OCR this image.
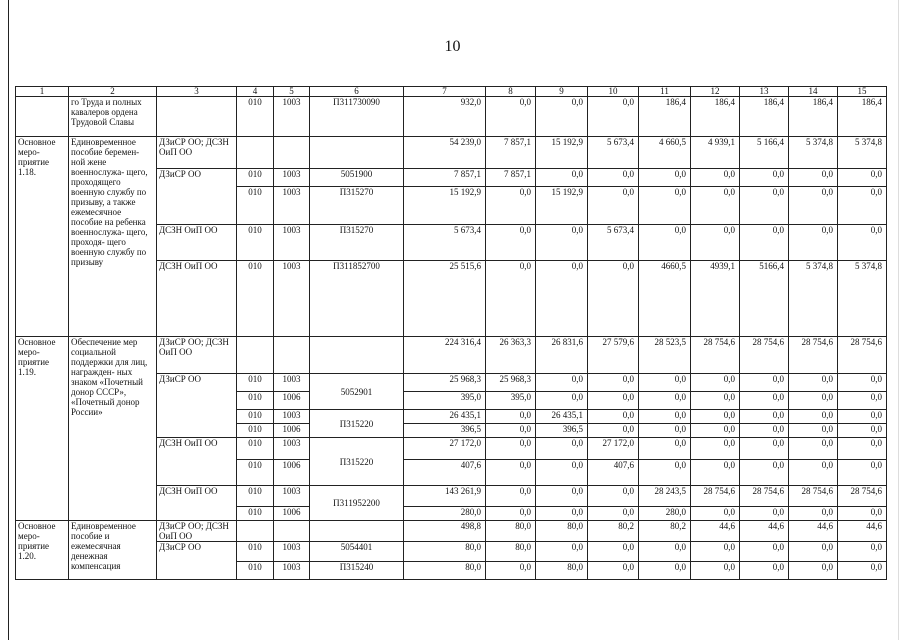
10
1	2	3	4	5	6	7	8	9	10	11	12	13	14	15
	го Труда и полных кавалеров ордена Трудовой Славы		010	1003	П311730090	932,0	0,0	0,0	0,0	186,4	186,4	186,4	186,4	186,4
Основное меро- приятие 1.18.	Единовременное пособие беремен- ной жене военнослужа- щего, проходящего военную службу по призыву, а также ежемесячное пособие на ребенка военнослужа- щего, проходя- щего военную службу по призыву	ДЗиСР ОО; ДСЗН ОиП ОО				54 239,0	7 857,1	15 192,9	5 673,4	4 660,5	4 939,1	5 166,4	5 374,8	5 374,8
		ДЗиСР ОО	010	1003	5051900	7 857,1	7 857,1	0,0	0,0	0,0	0,0	0,0	0,0	0,0
			010	1003	П315270	15 192,9	0,0	15 192,9	0,0	0,0	0,0	0,0	0,0	0,0
		ДСЗН ОиП ОО	010	1003	П315270	5 673,4	0,0	0,0	5 673,4	0,0	0,0	0,0	0,0	0,0
		ДСЗН ОиП ОО	010	1003	П311852700	25 515,6	0,0	0,0	0,0	4660,5	4939,1	5166,4	5 374,8	5 374,8
Основное меро- приятие 1.19.	Обеспечение мер социальной поддержки для лиц, награжден- ных знаком «Почетный донор СССР», «Почетный донор России»	ДЗиСР ОО; ДСЗН ОиП ОО				224 316,4	26 363,3	26 831,6	27 579,6	28 523,5	28 754,6	28 754,6	28 754,6	28 754,6
		ДЗиСР ОО	010	1003	5052901	25 968,3	25 968,3	0,0	0,0	0,0	0,0	0,0	0,0	0,0
			010	1006		395,0	395,0	0,0	0,0	0,0	0,0	0,0	0,0	0,0
			010	1003	П315220	26 435,1	0,0	26 435,1	0,0	0,0	0,0	0,0	0,0	0,0
			010	1006		396,5	0,0	396,5	0,0	0,0	0,0	0,0	0,0	0,0
		ДСЗН ОиП ОО	010	1003	П315220	27 172,0	0,0	0,0	27 172,0	0,0	0,0	0,0	0,0	0,0
			010	1006		407,6	0,0	0,0	407,6	0,0	0,0	0,0	0,0	0,0
		ДСЗН ОиП ОО	010	1003	П311952200	143 261,9	0,0	0,0	0,0	28 243,5	28 754,6	28 754,6	28 754,6	28 754,6
			010	1006		280,0	0,0	0,0	0,0	280,0	0,0	0,0	0,0	0,0
Основное меро- приятие 1.20.	Единовременное пособие и ежемесячная денежная компенсация	ДЗиСР ОО; ДСЗН ОиП ОО				498,8	80,0	80,0	80,2	80,2	44,6	44,6	44,6	44,6
		ДЗиСР ОО	010	1003	5054401	80,0	80,0	0,0	0,0	0,0	0,0	0,0	0,0	0,0
			010	1003	П315240	80,0	0,0	80,0	0,0	0,0	0,0	0,0	0,0	0,0
